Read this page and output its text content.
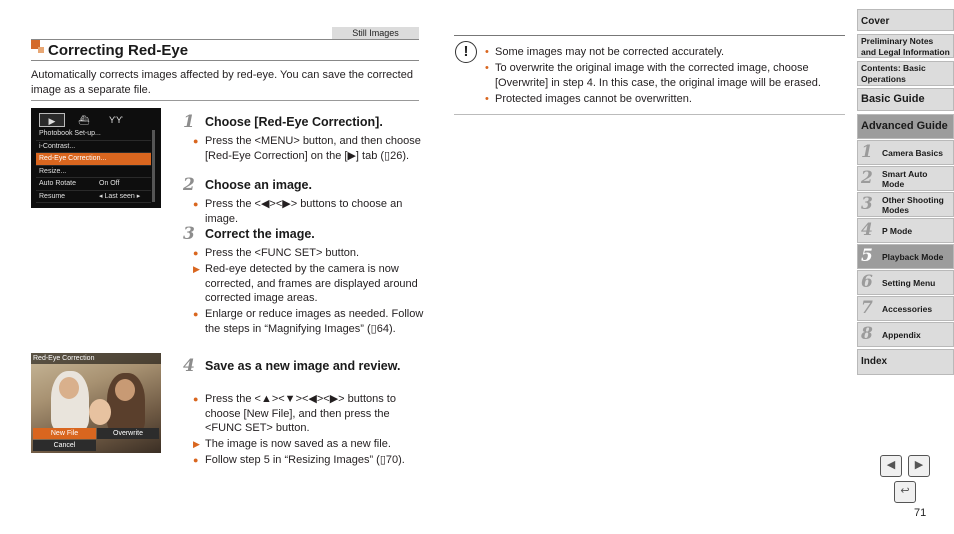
Still Images
Correcting Red-Eye
Automatically corrects images affected by red-eye. You can save the corrected image as a separate file.
▶	⛴	ƳƳ
Photobook Set-up...
i-Contrast...
Red-Eye Correction...
Resize...
Auto Rotate	On Off
Resume	◂ Last seen ▸
Red-Eye Correction
New File	Overwrite
Cancel
1 Choose [Red-Eye Correction].
● Press the <MENU> button, and then choose [Red-Eye Correction] on the [▶] tab (▯26).
2 Choose an image.
● Press the <◀><▶> buttons to choose an image.
3 Correct the image.
● Press the <FUNC SET> button.
▶ Red-eye detected by the camera is now corrected, and frames are displayed around corrected image areas.
● Enlarge or reduce images as needed. Follow the steps in “Magnifying Images” (▯64).
4 Save as a new image and review.
● Press the <▲><▼><◀><▶> buttons to choose [New File], and then press the <FUNC SET> button.
▶ The image is now saved as a new file.
● Follow step 5 in “Resizing Images” (▯70).
!	• Some images may not be corrected accurately.
• To overwrite the original image with the corrected image, choose [Overwrite] in step 4. In this case, the original image will be erased.
• Protected images cannot be overwritten.
Cover
Preliminary Notes and Legal Information
Contents: Basic Operations
Basic Guide
Advanced Guide
1 Camera Basics
2 Smart Auto Mode
3 Other Shooting Modes
4 P Mode
5 Playback Mode
6 Setting Menu
7 Accessories
8 Appendix
Index
◀	▶
↩
71
